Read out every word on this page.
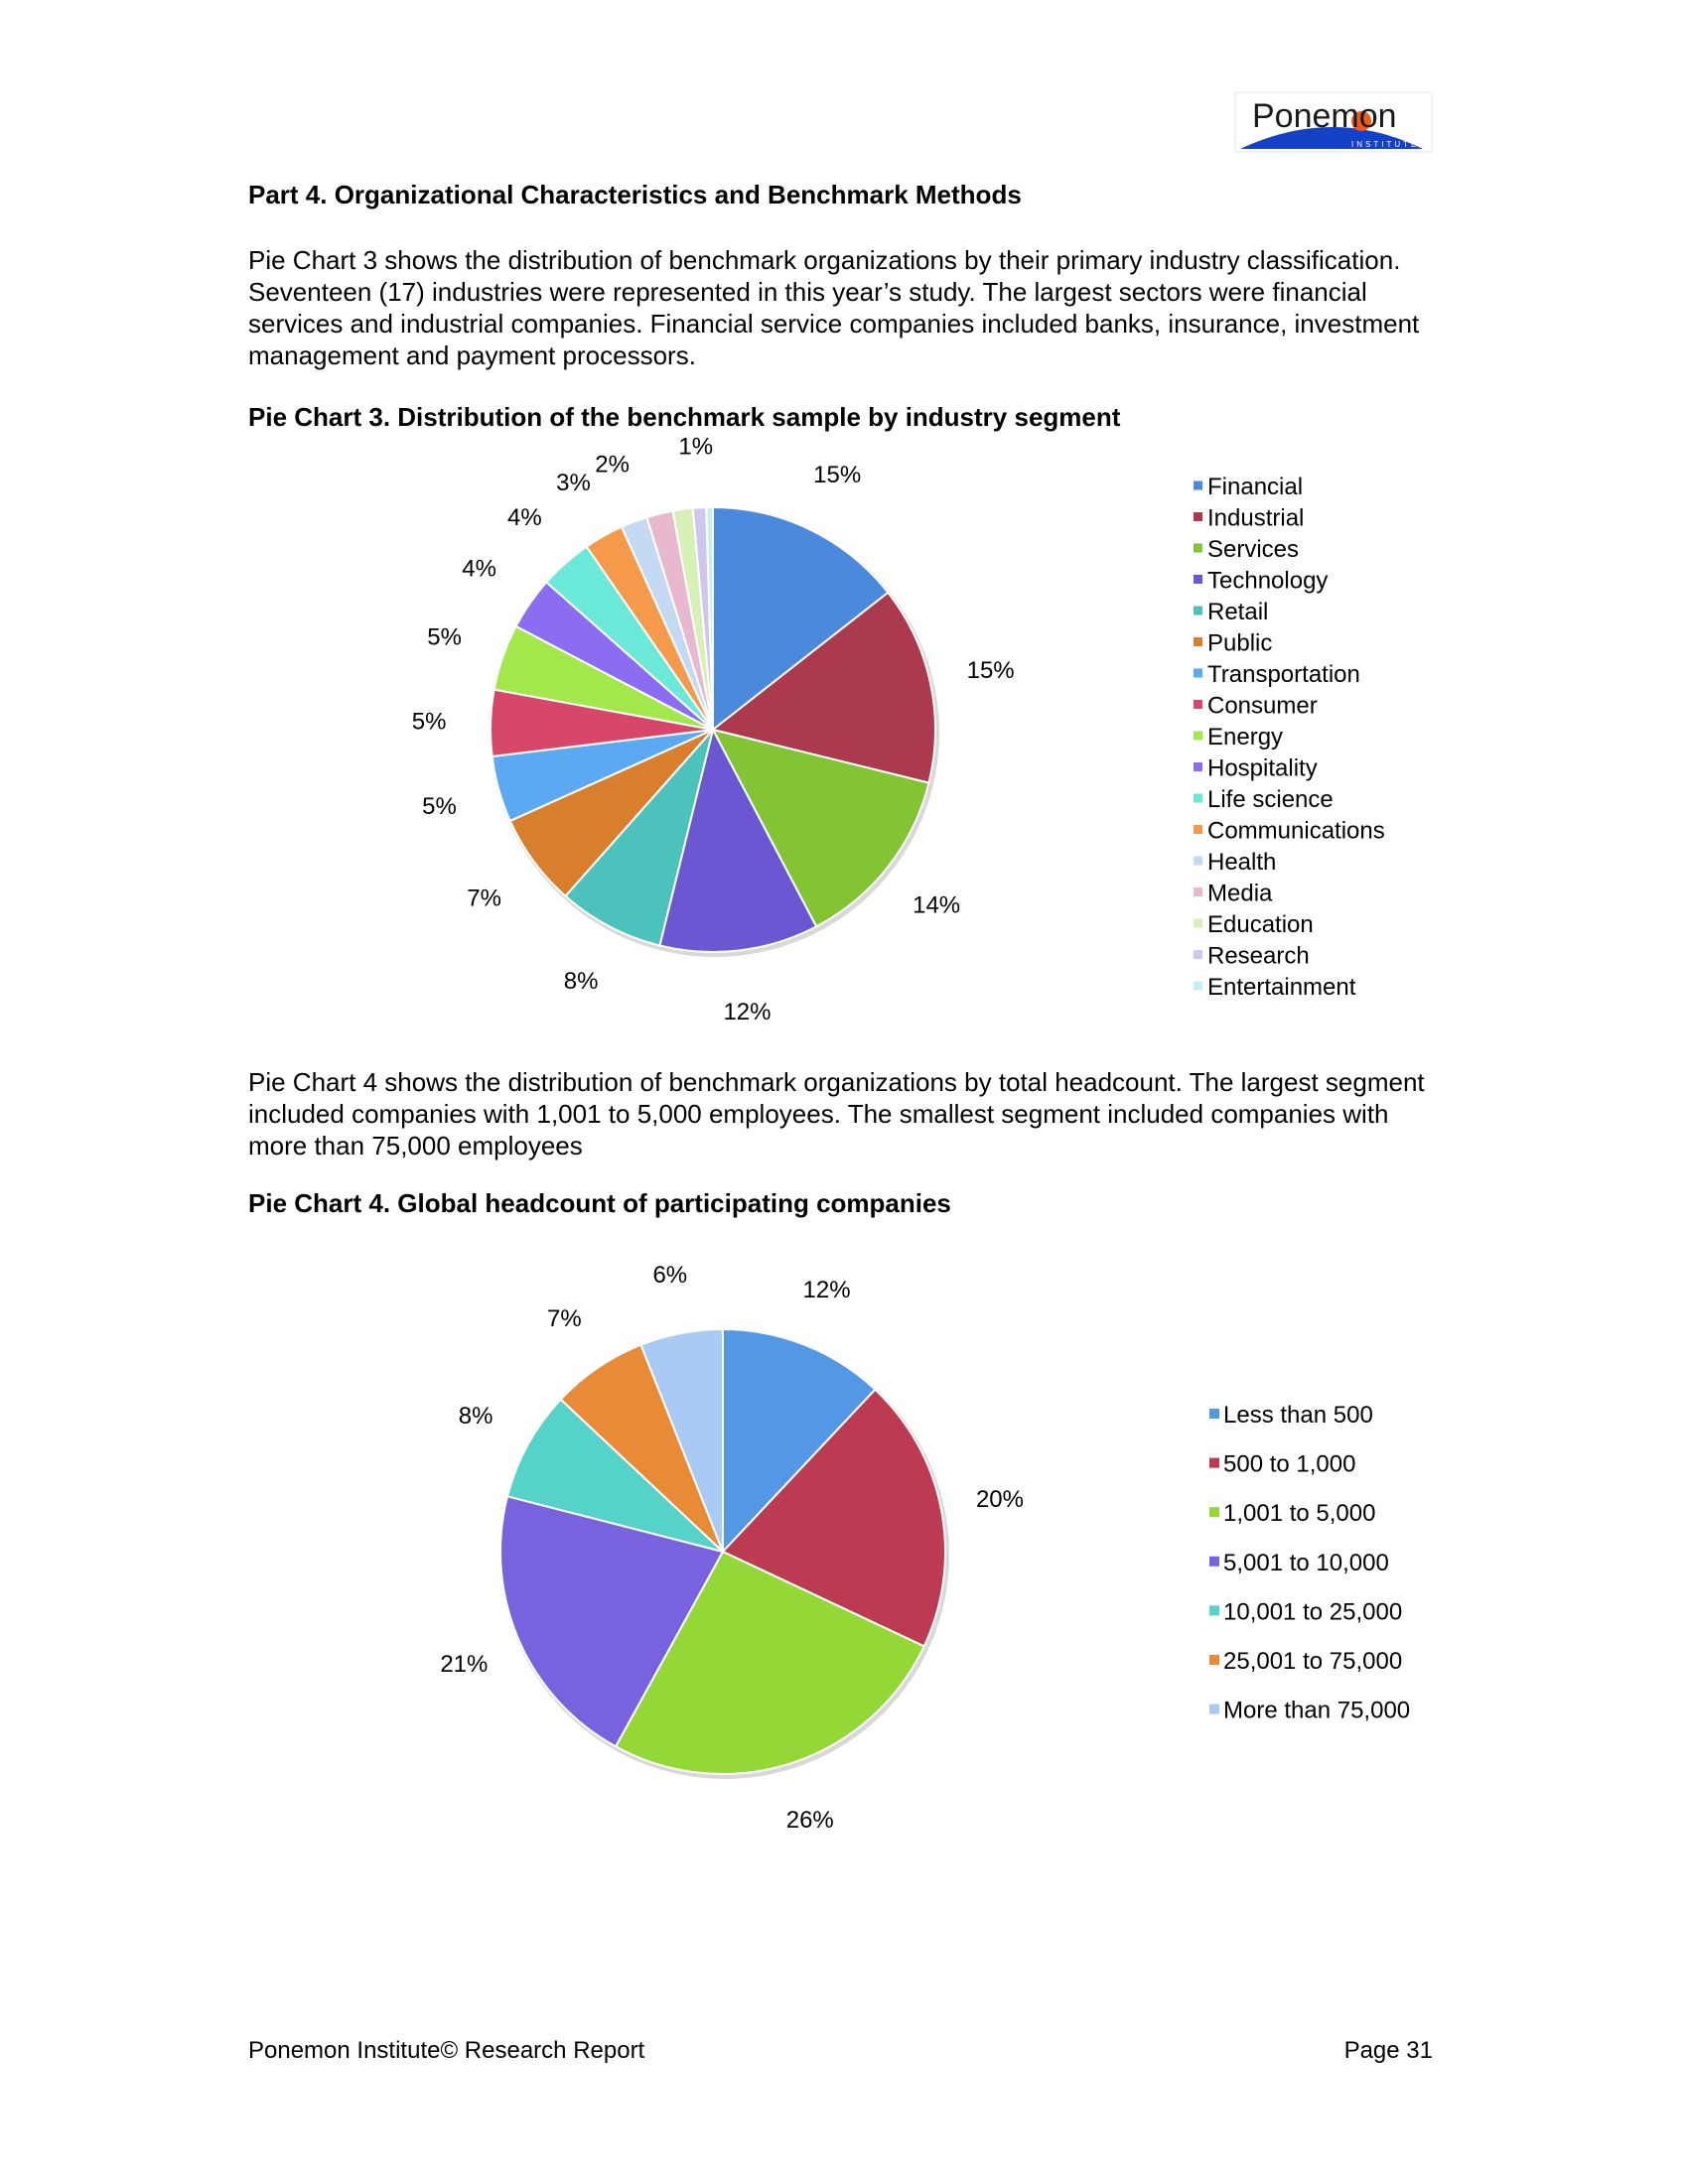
Ponemon
INSTITUTE
Part 4. Organizational Characteristics and Benchmark Methods

Pie Chart 3 shows the distribution of benchmark organizations by their primary industry classification. Seventeen (17) industries were represented in this year’s study. The largest sectors were financial services and industrial companies. Financial service companies included banks, insurance, investment management and payment processors.

Pie Chart 3. Distribution of the benchmark sample by industry segment

Pie Chart 4 shows the distribution of benchmark organizations by total headcount. The largest segment included companies with 1,001 to 5,000 employees. The smallest segment included companies with more than 75,000 employees

Pie Chart 4. Global headcount of participating companies
15%
15%
14%
12%
8%
7%
5%
5%
5%
4%
4%
3%
2%
1%
Financial
Industrial
Services
Technology
Retail
Public
Transportation
Consumer
Energy
Hospitality
Life science
Communications
Health
Media
Education
Research
Entertainment
12%
20%
26%
21%
8%
7%
6%
Less than 500
500 to 1,000
1,001 to 5,000
5,001 to 10,000
10,001 to 25,000
25,001 to 75,000
More than 75,000
Ponemon Institute© Research Report	Page 31
